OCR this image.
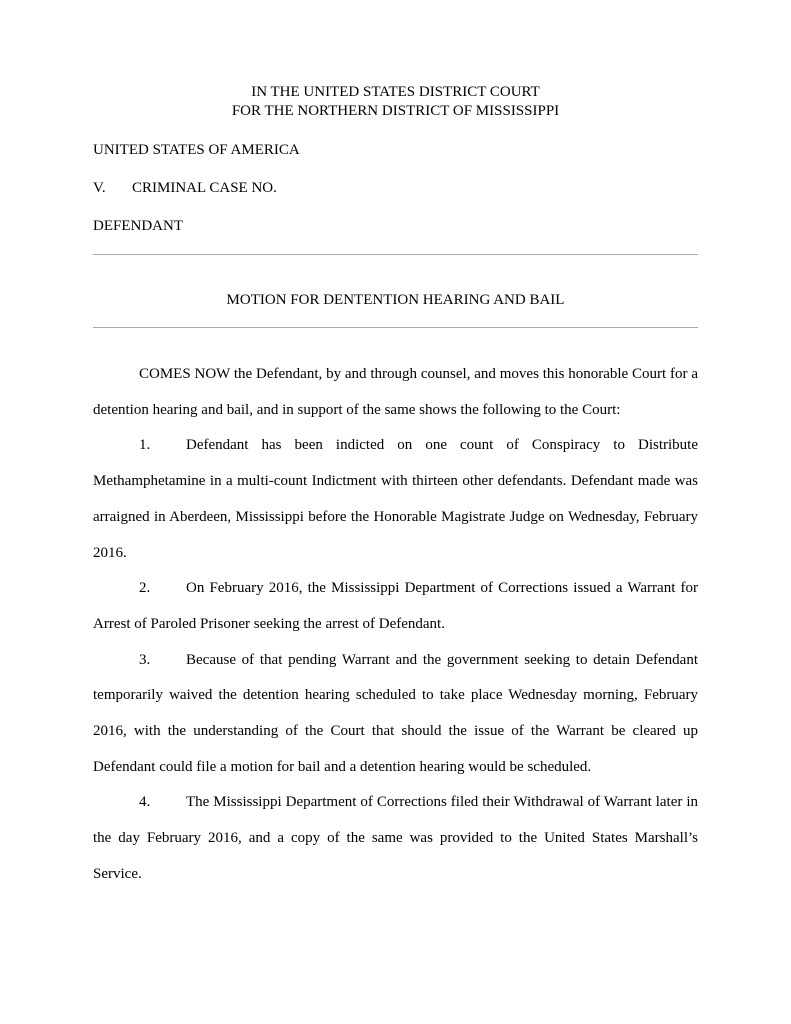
IN THE UNITED STATES DISTRICT COURT
FOR THE NORTHERN DISTRICT OF MISSISSIPPI
UNITED STATES OF AMERICA
V. CRIMINAL CASE NO.
DEFENDANT
MOTION FOR DENTENTION HEARING AND BAIL

COMES NOW the Defendant, by and through counsel, and moves this honorable Court for a detention hearing and bail, and in support of the same shows the following to the Court:

1. Defendant has been indicted on one count of Conspiracy to Distribute Methamphetamine in a multi-count Indictment with thirteen other defendants. Defendant made was arraigned in Aberdeen, Mississippi before the Honorable Magistrate Judge on Wednesday, February 2016.

2. On February 2016, the Mississippi Department of Corrections issued a Warrant for Arrest of Paroled Prisoner seeking the arrest of Defendant.

3. Because of that pending Warrant and the government seeking to detain Defendant temporarily waived the detention hearing scheduled to take place Wednesday morning, February 2016, with the understanding of the Court that should the issue of the Warrant be cleared up Defendant could file a motion for bail and a detention hearing would be scheduled.

4. The Mississippi Department of Corrections filed their Withdrawal of Warrant later in the day February 2016, and a copy of the same was provided to the United States Marshall’s Service.
